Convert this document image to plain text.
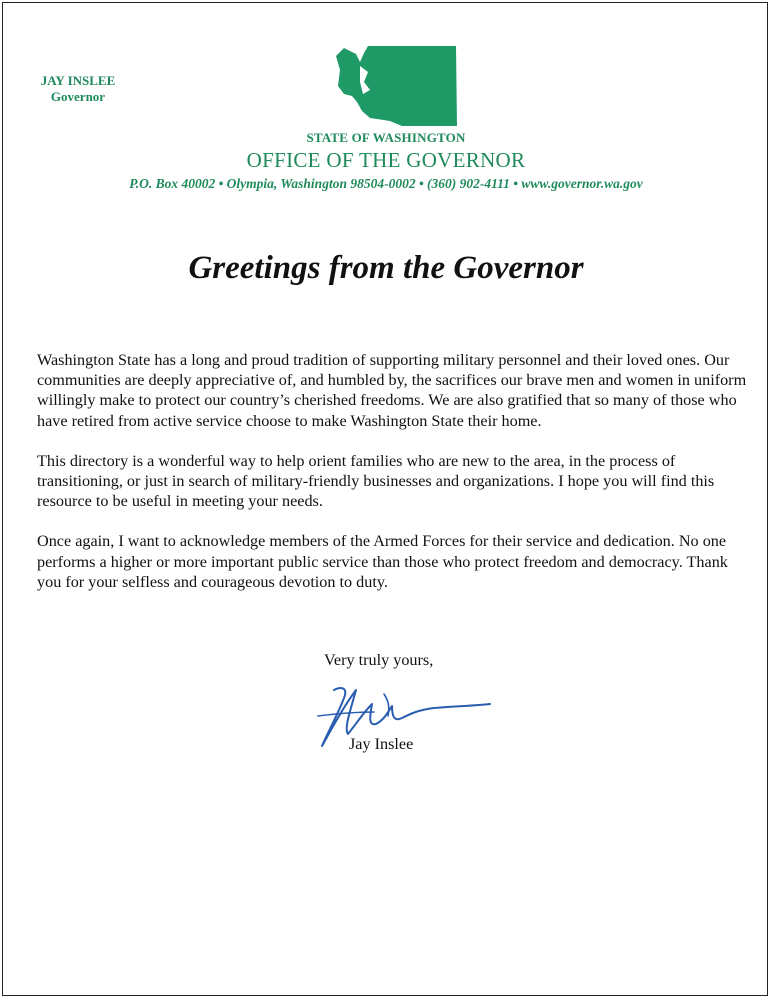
JAY INSLEE
Governor
STATE OF WASHINGTON
OFFICE OF THE GOVERNOR
P.O. Box 40002 • Olympia, Washington 98504-0002 • (360) 902-4111 • www.governor.wa.gov
Greetings from the Governor

Washington State has a long and proud tradition of supporting military personnel and their loved ones. Our communities are deeply appreciative of, and humbled by, the sacrifices our brave men and women in uniform willingly make to protect our country’s cherished freedoms. We are also gratified that so many of those who have retired from active service choose to make Washington State their home.

This directory is a wonderful way to help orient families who are new to the area, in the process of transitioning, or just in search of military-friendly businesses and organizations. I hope you will find this resource to be useful in meeting your needs.

Once again, I want to acknowledge members of the Armed Forces for their service and dedication. No one performs a higher or more important public service than those who protect freedom and democracy. Thank you for your selfless and courageous devotion to duty.

Very truly yours,
Jay Inslee
